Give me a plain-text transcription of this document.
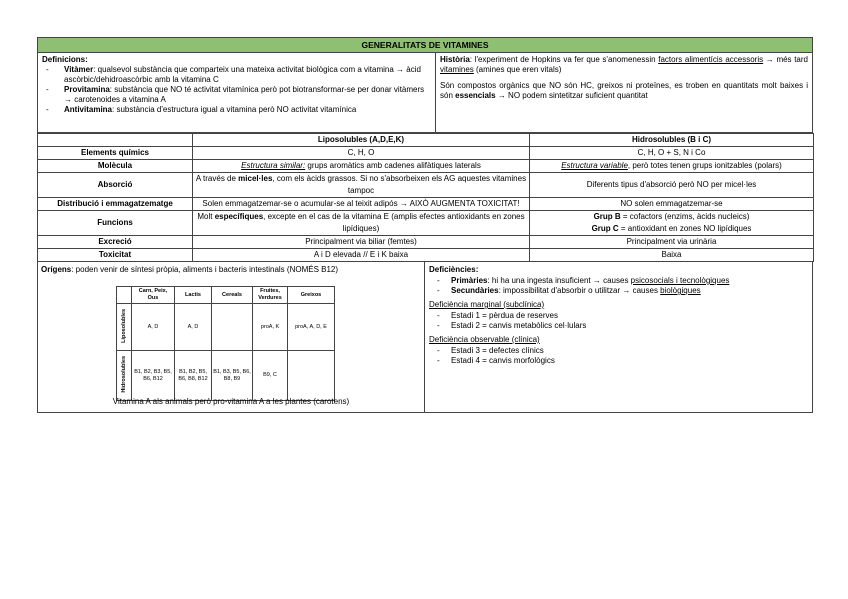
GENERALITATS DE VITAMINES
Definicions:
- Vitàmer: qualsevol substància que comparteix una mateixa activitat biològica com a vitamina → àcid ascòrbic/dehidroascòrbic amb la vitamina C
- Provitamina: substància que NO té activitat vitamínica però pot biotransformar-se per donar vitàmers → carotenoides a vitamina A
- Antivitamina: substància d'estructura igual a vitamina però NO activitat vitamínica
Història: l'experiment de Hopkins va fer que s'anomenessin factors alimentícis accessoris → més tard vitamines (amines que eren vitals)
Són compostos orgànics que NO són HC, greixos ni proteïnes, es troben en quantitats molt baixes i són essencials → NO podem sintetitzar suficient quantitat
	Liposolubles (A,D,E,K)	Hidrosolubles (B i C)
Elements químics	C, H, O	C, H, O + S, N i Co
Molècula	Estructura similar: grups aromàtics amb cadenes alifàtiques laterals	Estructura variable, però totes tenen grups ionitzables (polars)
Absorció	A través de micel·les, com els àcids grassos. Si no s'absorbeixen els AG aquestes vitamines tampoc	Diferents tipus d'absorció però NO per micel·les
Distribució i emmagatzematge	Solen emmagatzemar-se o acumular-se al teixit adipós → AIXÒ AUGMENTA TOXICITAT!	NO solen emmagatzemar-se
Funcions	Molt específiques, excepte en el cas de la vitamina E (amplis efectes antioxidants en zones lipídiques)	Grup B = cofactors (enzims, àcids nucleics)
Grup C = antioxidant en zones NO lipídiques

Excreció	Principalment via biliar (femtes)	Principalment via urinària
Toxicitat	A i D elevada // E i K baixa	Baixa
Orígens: poden venir de síntesi pròpia, aliments i bacteris intestinals (NOMÉS B12)
	Carn, Peix, Ous	Lactis	Cereals	Fruites, Verdures	Greixos
Liposolubles	A, D	A, D		proA, K	proA, A, D, E
Hidrosolubles	B1, B2, B3, B5, B6, B12	B1, B2, B5, B6, B8, B12	B1, B3, B5, B6, B8, B9	B9, C	
Vitamina A als animals però pro-vitamina A a les plantes (carotens)
Deficiències:
- Primàries: hi ha una ingesta insuficient → causes psicosocials i tecnològiques
- Secundàries: impossibilitat d'absorbir o utilitzar → causes biològiques
Deficiència marginal (subclínica)
- Estadi 1 = pèrdua de reserves
- Estadi 2 = canvis metabòlics cel·lulars
Deficiència observable (clínica)
- Estadi 3 = defectes clínics
- Estadi 4 = canvis morfològics
